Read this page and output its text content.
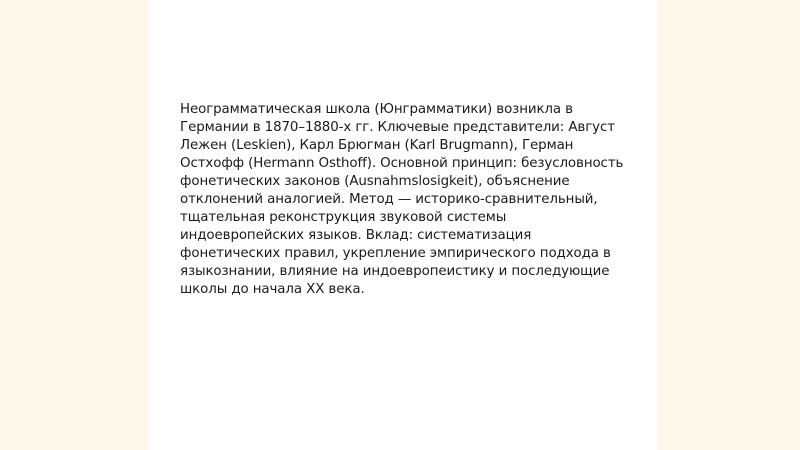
Неограмматическая школа (Юнграмматики) возникла в Германии в 1870–1880-х гг. Ключевые представители: Август Лежен (Leskien), Карл Брюгман (Karl Brugmann), Герман Остхофф (Hermann Osthoff). Основной принцип: безусловность фонетических законов (Ausnahmslosigkeit), объяснение отклонений аналогией. Метод — историко-сравнительный, тщательная реконструкция звуковой системы индоевропейских языков. Вклад: систематизация фонетических правил, укрепление эмпирического подхода в языкознании, влияние на индоевропеистику и последующие школы до начала XX века.
